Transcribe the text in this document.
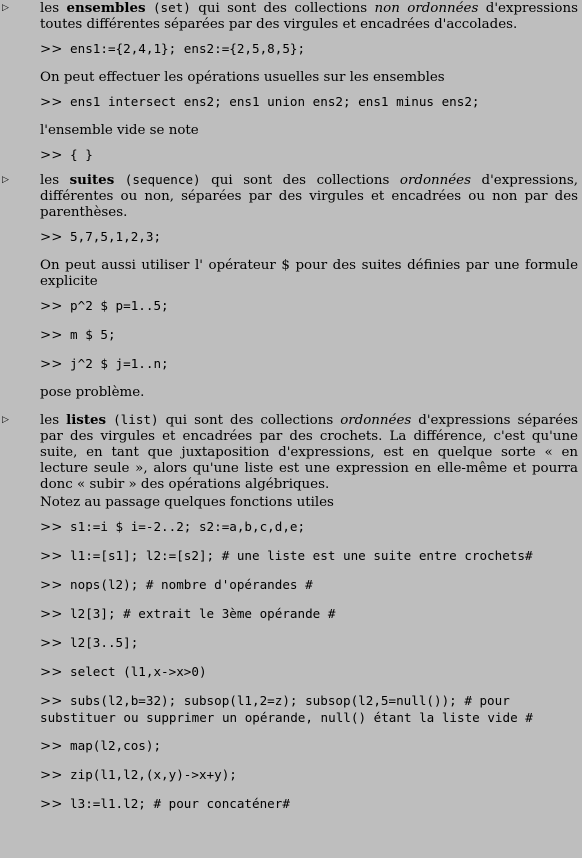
▷ les ensembles (set) qui sont des collections non ordonnées d'expressions toutes différentes séparées par des virgules et encadrées d'accolades.

>> ens1:={2,4,1}; ens2:={2,5,8,5};

On peut effectuer les opérations usuelles sur les ensembles

>> ens1 intersect ens2; ens1 union ens2; ens1 minus ens2;

l'ensemble vide se note

>> { }
▷ les suites (sequence) qui sont des collections ordonnées d'expressions, différentes ou non, séparées par des virgules et encadrées ou non par des parenthèses.

>> 5,7,5,1,2,3;

On peut aussi utiliser l' opérateur $ pour des suites définies par une formule explicite

>> p^2 $ p=1..5;
>> m $ 5;
>> j^2 $ j=1..n;

pose problème.

▷ les listes (list) qui sont des collections ordonnées d'expressions séparées par des virgules et encadrées par des crochets. La différence, c'est qu'une suite, en tant que juxtaposition d'expressions, est en quelque sorte « en lecture seule », alors qu'une liste est une expression en elle-même et pourra donc « subir » des opérations algébriques.

Notez au passage quelques fonctions utiles

>> s1:=i $ i=-2..2; s2:=a,b,c,d,e;
>> l1:=[s1]; l2:=[s2]; # une liste est une suite entre crochets#
>> nops(l2); # nombre d'opérandes #
>> l2[3]; # extrait le 3ème opérande #
>> l2[3..5];
>> select (l1,x->x>0)
>> subs(l2,b=32); subsop(l1,2=z); subsop(l2,5=null()); # pour substituer ou supprimer un opérande, null() étant la liste vide #
>> map(l2,cos);
>> zip(l1,l2,(x,y)->x+y);
>> l3:=l1.l2; # pour concaténer#
